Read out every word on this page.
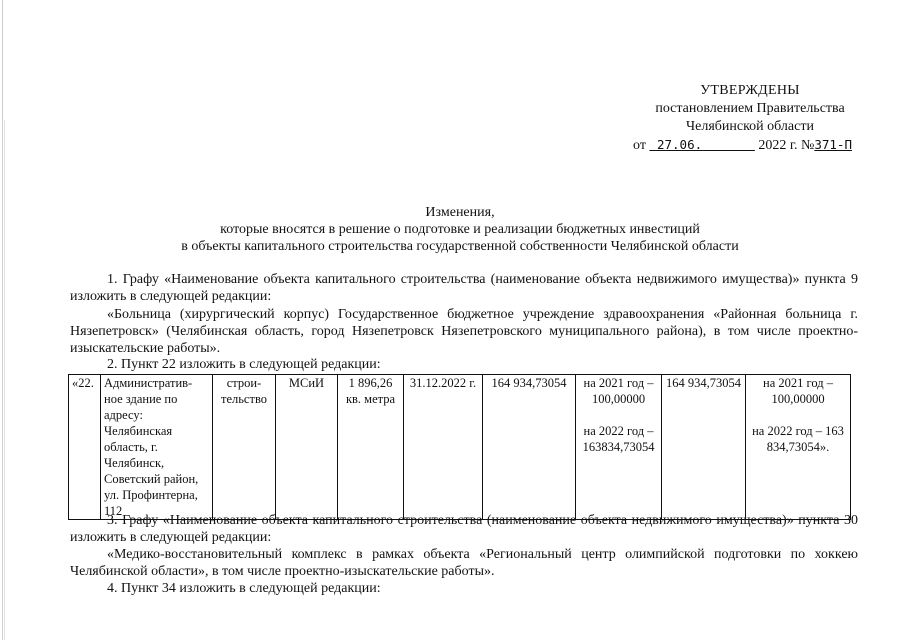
УТВЕРЖДЕНЫ
постановлением Правительства
Челябинской области
от 27.06.	2022 г. №371-П
Изменения,
которые вносятся в решение о подготовке и реализации бюджетных инвестиций
в объекты капитального строительства государственной собственности Челябинской области

1. Графу «Наименование объекта капитального строительства (наименование объекта недвижимого имущества)» пункта 9 изложить в следующей редакции:

«Больница (хирургический корпус) Государственное бюджетное учреждение здравоохранения «Районная больница г. Нязепетровск» (Челябинская область, город Нязепетровск Нязепетровского муниципального района), в том числе проектно-изыскательские работы».

2. Пункт 22 изложить в следующей редакции:

«22.	Административ-ное здание по адресу: Челябинская область, г. Челябинск, Советский район, ул. Профинтерна, 112	строи-тельство	МСиИ	1 896,26 кв. метра	31.12.2022 г.	164 934,73054	на 2021 год – 100,00000
на 2022 год – 163834,73054
	164 934,73054	на 2021 год – 100,00000
на 2022 год – 163 834,73054».

3. Графу «Наименование объекта капитального строительства (наименование объекта недвижимого имущества)» пункта 30 изложить в следующей редакции:

«Медико-восстановительный комплекс в рамках объекта «Региональный центр олимпийской подготовки по хоккею Челябинской области», в том числе проектно-изыскательские работы».

4. Пункт 34 изложить в следующей редакции:
